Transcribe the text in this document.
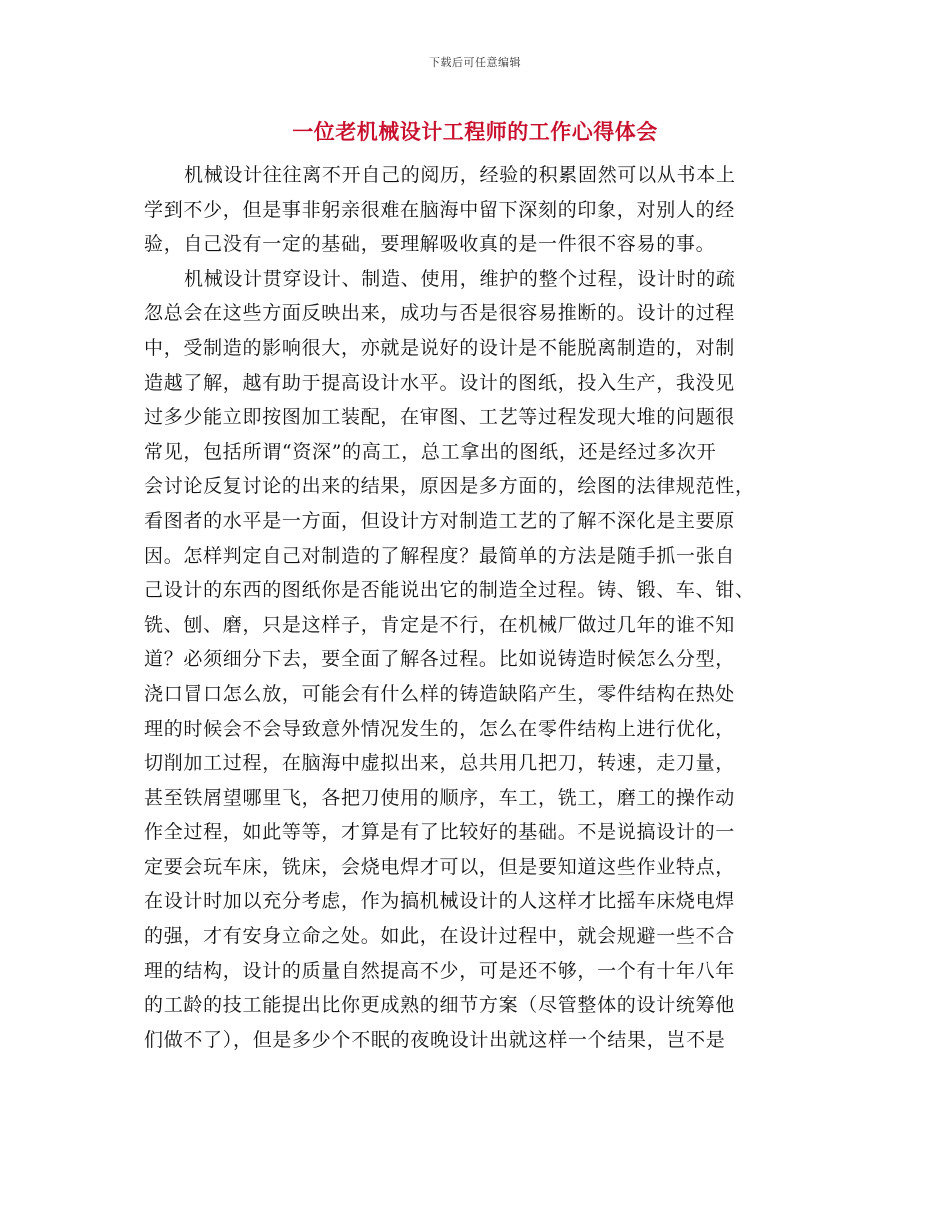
下载后可任意编辑
一位老机械设计工程师的工作心得体会
机械设计往往离不开自己的阅历，经验的积累固然可以从书本上
学到不少，但是事非躬亲很难在脑海中留下深刻的印象，对别人的经
验，自己没有一定的基础，要理解吸收真的是一件很不容易的事。
机械设计贯穿设计、制造、使用，维护的整个过程，设计时的疏
忽总会在这些方面反映出来，成功与否是很容易推断的。设计的过程
中，受制造的影响很大，亦就是说好的设计是不能脱离制造的，对制
造越了解，越有助于提高设计水平。设计的图纸，投入生产，我没见
过多少能立即按图加工装配，在审图、工艺等过程发现大堆的问题很
常见，包括所谓“资深”的高工，总工拿出的图纸，还是经过多次开
会讨论反复讨论的出来的结果，原因是多方面的，绘图的法律规范性，
看图者的水平是一方面，但设计方对制造工艺的了解不深化是主要原
因。怎样判定自己对制造的了解程度？最简单的方法是随手抓一张自
己设计的东西的图纸你是否能说出它的制造全过程。铸、锻、车、钳、
铣、刨、磨，只是这样子，肯定是不行，在机械厂做过几年的谁不知
道？必须细分下去，要全面了解各过程。比如说铸造时候怎么分型，
浇口冒口怎么放，可能会有什么样的铸造缺陷产生，零件结构在热处
理的时候会不会导致意外情况发生的，怎么在零件结构上进行优化，
切削加工过程，在脑海中虚拟出来，总共用几把刀，转速，走刀量，
甚至铁屑望哪里飞，各把刀使用的顺序，车工，铣工，磨工的操作动
作全过程，如此等等，才算是有了比较好的基础。不是说搞设计的一
定要会玩车床，铣床，会烧电焊才可以，但是要知道这些作业特点，
在设计时加以充分考虑，作为搞机械设计的人这样才比摇车床烧电焊
的强，才有安身立命之处。如此，在设计过程中，就会规避一些不合
理的结构，设计的质量自然提高不少，可是还不够，一个有十年八年
的工龄的技工能提出比你更成熟的细节方案（尽管整体的设计统筹他
们做不了），但是多少个不眠的夜晚设计出就这样一个结果，岂不是
